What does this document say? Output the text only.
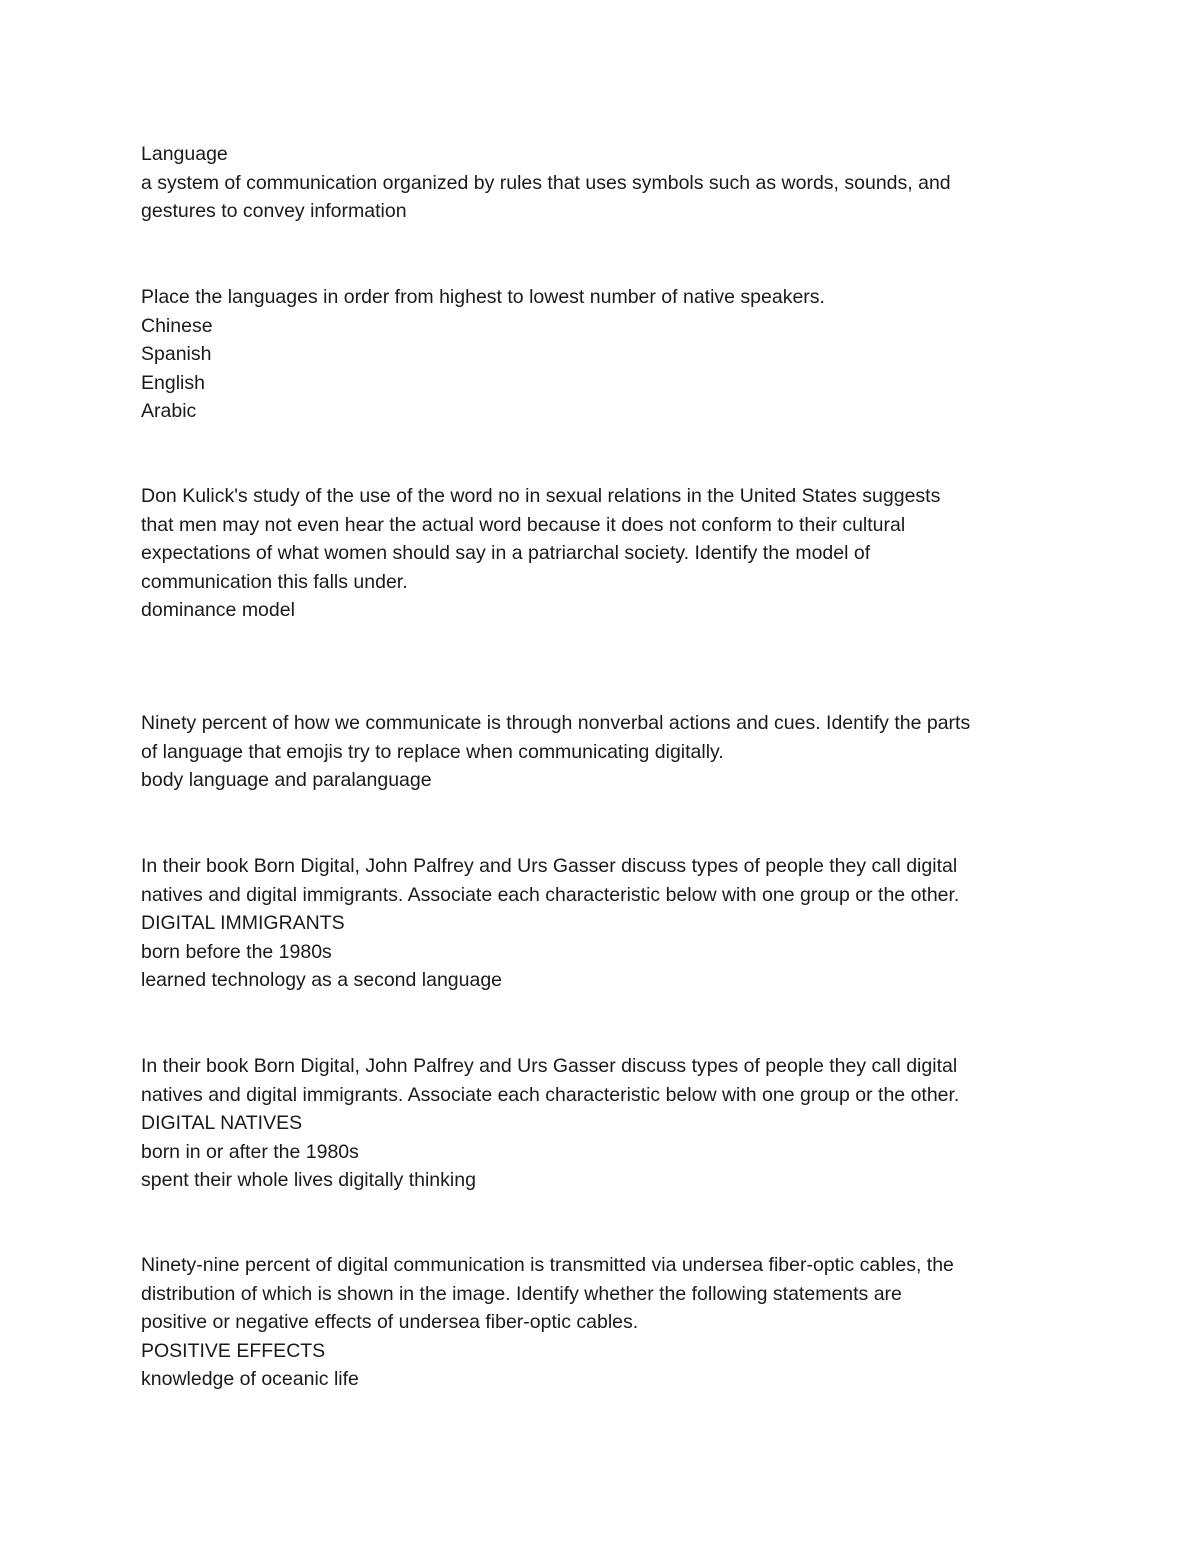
Language

a system of communication organized by rules that uses symbols such as words, sounds, and

gestures to convey information

Place the languages in order from highest to lowest number of native speakers.

Chinese

Spanish

English

Arabic

Don Kulick's study of the use of the word no in sexual relations in the United States suggests

that men may not even hear the actual word because it does not conform to their cultural

expectations of what women should say in a patriarchal society. Identify the model of

communication this falls under.

dominance model

Ninety percent of how we communicate is through nonverbal actions and cues. Identify the parts

of language that emojis try to replace when communicating digitally.

body language and paralanguage

In their book Born Digital, John Palfrey and Urs Gasser discuss types of people they call digital

natives and digital immigrants. Associate each characteristic below with one group or the other.

DIGITAL IMMIGRANTS

born before the 1980s

learned technology as a second language

In their book Born Digital, John Palfrey and Urs Gasser discuss types of people they call digital

natives and digital immigrants. Associate each characteristic below with one group or the other.

DIGITAL NATIVES

born in or after the 1980s

spent their whole lives digitally thinking

Ninety-nine percent of digital communication is transmitted via undersea fiber-optic cables, the

distribution of which is shown in the image. Identify whether the following statements are

positive or negative effects of undersea fiber-optic cables.

POSITIVE EFFECTS

knowledge of oceanic life
